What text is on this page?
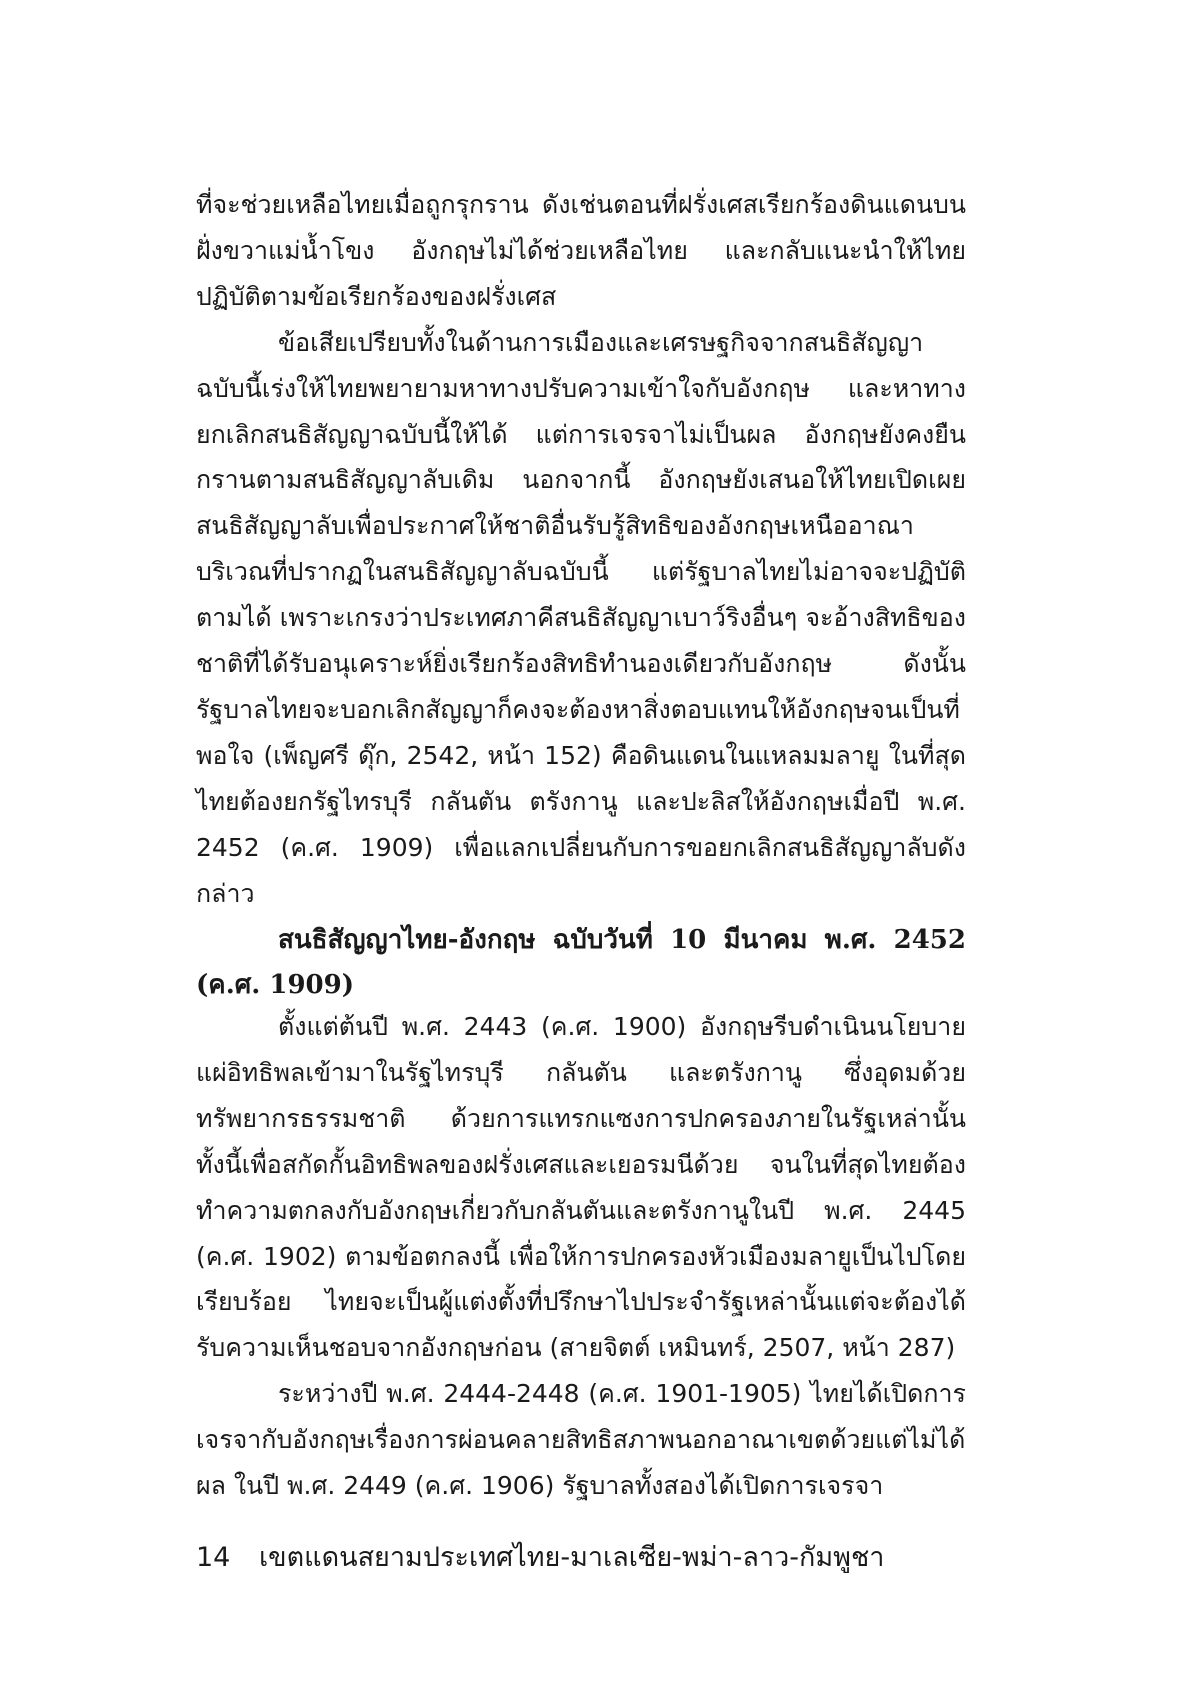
ที่จะช่วยเหลือไทยเมื่อถูกรุกราน ดังเช่นตอนที่ฝรั่งเศสเรียกร้องดินแดนบนฝั่งขวาแม่น้ำโขง อังกฤษไม่ได้ช่วยเหลือไทย และกลับแนะนำให้ไทยปฏิบัติตามข้อเรียกร้องของฝรั่งเศส

ข้อเสียเปรียบทั้งในด้านการเมืองและเศรษฐกิจจากสนธิสัญญาฉบับนี้เร่งให้ไทยพยายามหาทางปรับความเข้าใจกับอังกฤษ และหาทางยกเลิกสนธิสัญญาฉบับนี้ให้ได้ แต่การเจรจาไม่เป็นผล อังกฤษยังคงยืนกรานตามสนธิสัญญาลับเดิม นอกจากนี้ อังกฤษยังเสนอให้ไทยเปิดเผยสนธิสัญญาลับเพื่อประกาศให้ชาติอื่นรับรู้สิทธิของอังกฤษเหนืออาณาบริเวณที่ปรากฏในสนธิสัญญาลับฉบับนี้ แต่รัฐบาลไทยไม่อาจจะปฏิบัติตามได้ เพราะเกรงว่าประเทศภาคีสนธิสัญญาเบาว์ริงอื่นๆ จะอ้างสิทธิของชาติที่ได้รับอนุเคราะห์ยิ่งเรียกร้องสิทธิทำนองเดียวกับอังกฤษ ดังนั้น รัฐบาลไทยจะบอกเลิกสัญญาก็คงจะต้องหาสิ่งตอบแทนให้อังกฤษจนเป็นที่พอใจ (เพ็ญศรี ดุ๊ก, 2542, หน้า 152) คือดินแดนในแหลมมลายู ในที่สุดไทยต้องยกรัฐไทรบุรี กลันตัน ตรังกานู และปะลิสให้อังกฤษเมื่อปี พ.ศ. 2452 (ค.ศ. 1909) เพื่อแลกเปลี่ยนกับการขอยกเลิกสนธิสัญญาลับดังกล่าว

สนธิสัญญาไทย-อังกฤษ ฉบับวันที่ 10 มีนาคม พ.ศ. 2452 (ค.ศ. 1909)

ตั้งแต่ต้นปี พ.ศ. 2443 (ค.ศ. 1900) อังกฤษรีบดำเนินนโยบายแผ่อิทธิพลเข้ามาในรัฐไทรบุรี กลันตัน และตรังกานู ซึ่งอุดมด้วยทรัพยากรธรรมชาติ ด้วยการแทรกแซงการปกครองภายในรัฐเหล่านั้น ทั้งนี้เพื่อสกัดกั้นอิทธิพลของฝรั่งเศสและเยอรมนีด้วย จนในที่สุดไทยต้องทำความตกลงกับอังกฤษเกี่ยวกับกลันตันและตรังกานูในปี พ.ศ. 2445 (ค.ศ. 1902) ตามข้อตกลงนี้ เพื่อให้การปกครองหัวเมืองมลายูเป็นไปโดยเรียบร้อย ไทยจะเป็นผู้แต่งตั้งที่ปรึกษาไปประจำรัฐเหล่านั้นแต่จะต้องได้รับความเห็นชอบจากอังกฤษก่อน (สายจิตต์ เหมินทร์, 2507, หน้า 287)

ระหว่างปี พ.ศ. 2444-2448 (ค.ศ. 1901-1905) ไทยได้เปิดการเจรจากับอังกฤษเรื่องการผ่อนคลายสิทธิสภาพนอกอาณาเขตด้วยแต่ไม่ได้ผล ในปี พ.ศ. 2449 (ค.ศ. 1906) รัฐบาลทั้งสองได้เปิดการเจรจา

14 เขตแดนสยามประเทศไทย-มาเลเซีย-พม่า-ลาว-กัมพูชา
